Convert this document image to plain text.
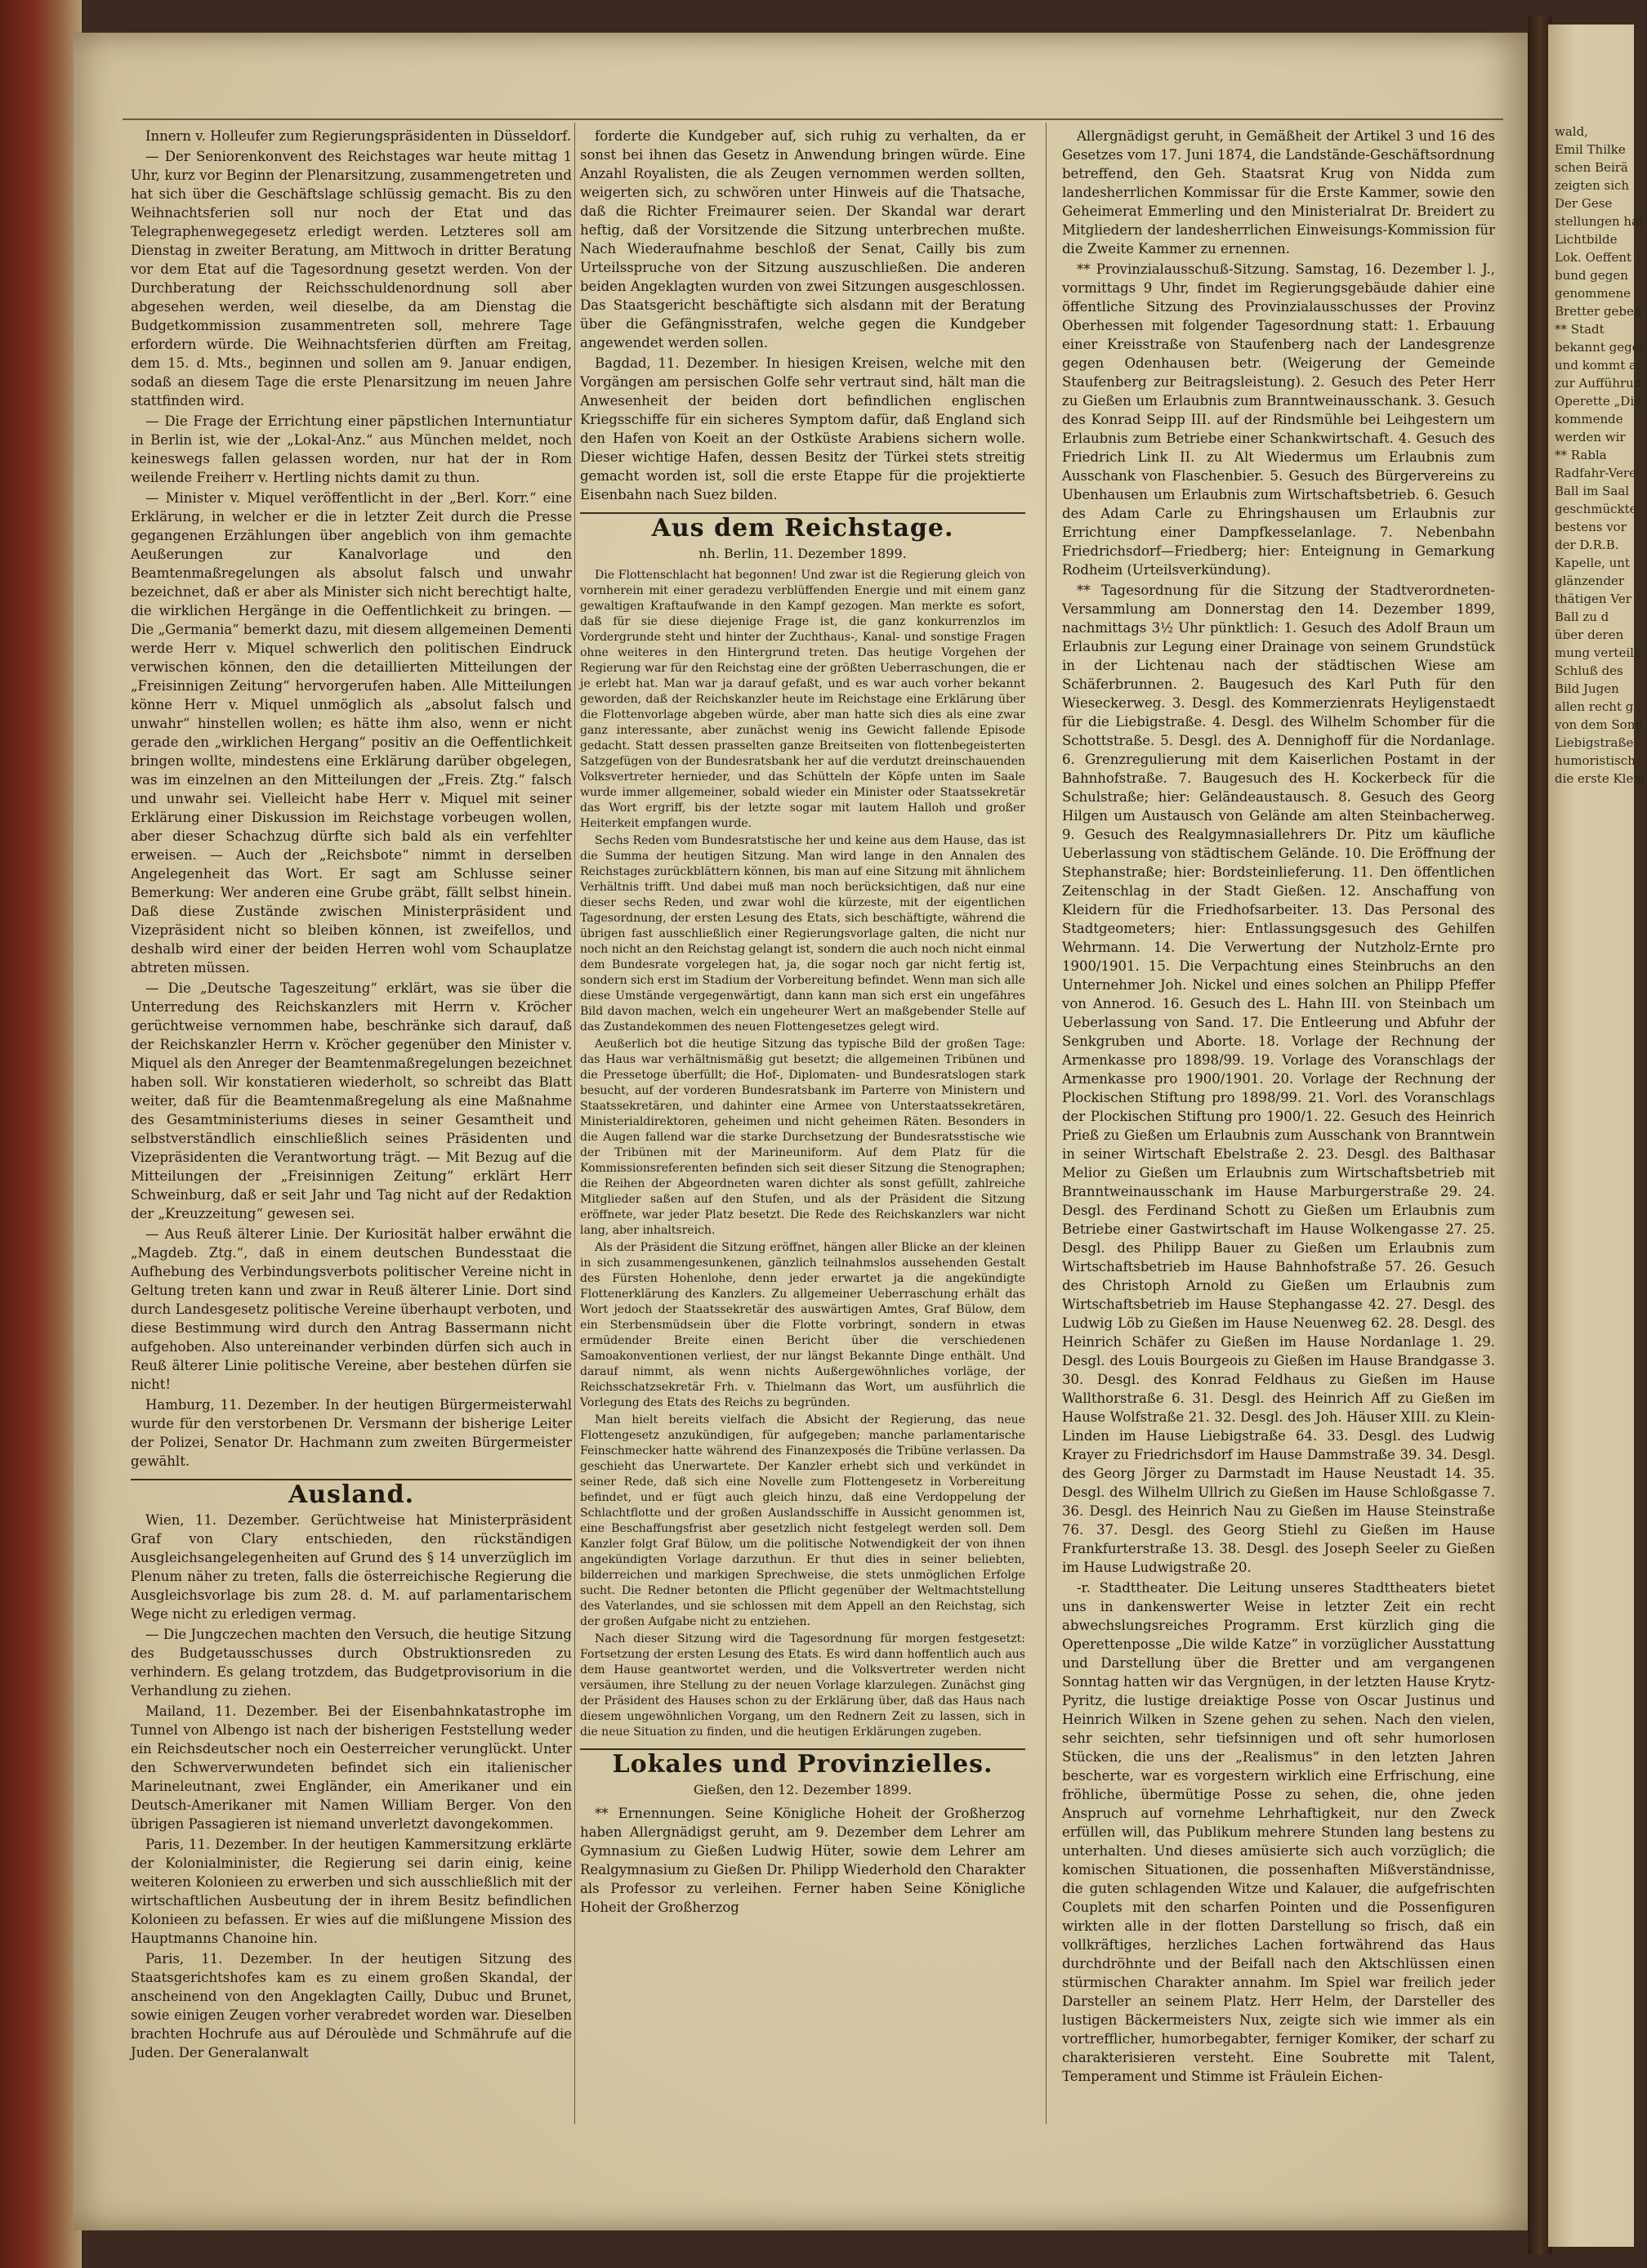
wald,
Emil Thilke
schen Beirä
zeigten sich
Der Gese
stellungen hat
Lichtbilde
Lok. Oeffent
bund gegen
genommene
Bretter geben
** Stadt
bekannt gegeb
und kommt al
zur Aufführun
Operette „Die
kommende
werden wir
** Rabla
Radfahr-Vere
Ball im Saal
geschmückte
bestens vor
der D.R.B.
Kapelle, unt
glänzender
thätigen Ver
Ball zu d
über deren
mung verteilt
Schluß des
Bild Jugen
allen recht g
von dem Sonn
Liebigstraße
humoristisch
die erste Klein

Innern v. Holleufer zum Regierungspräsidenten in Düsseldorf.

— Der Seniorenkonvent des Reichstages war heute mittag 1 Uhr, kurz vor Beginn der Plenarsitzung, zusammengetreten und hat sich über die Geschäftslage schlüssig gemacht. Bis zu den Weihnachtsferien soll nur noch der Etat und das Telegraphenwegegesetz erledigt werden. Letzteres soll am Dienstag in zweiter Beratung, am Mittwoch in dritter Beratung vor dem Etat auf die Tagesordnung gesetzt werden. Von der Durchberatung der Reichsschuldenordnung soll aber abgesehen werden, weil dieselbe, da am Dienstag die Budgetkommission zusammentreten soll, mehrere Tage erfordern würde. Die Weihnachtsferien dürften am Freitag, dem 15. d. Mts., beginnen und sollen am 9. Januar endigen, sodaß an diesem Tage die erste Plenarsitzung im neuen Jahre stattfinden wird.

— Die Frage der Errichtung einer päpstlichen Internuntiatur in Berlin ist, wie der „Lokal-Anz.“ aus München meldet, noch keineswegs fallen gelassen worden, nur hat der in Rom weilende Freiherr v. Hertling nichts damit zu thun.

— Minister v. Miquel veröffentlicht in der „Berl. Korr.“ eine Erklärung, in welcher er die in letzter Zeit durch die Presse gegangenen Erzählungen über angeblich von ihm gemachte Aeußerungen zur Kanalvorlage und den Beamtenmaßregelungen als absolut falsch und unwahr bezeichnet, daß er aber als Minister sich nicht berechtigt halte, die wirklichen Hergänge in die Oeffentlichkeit zu bringen. — Die „Germania“ bemerkt dazu, mit diesem allgemeinen Dementi werde Herr v. Miquel schwerlich den politischen Eindruck verwischen können, den die detaillierten Mitteilungen der „Freisinnigen Zeitung“ hervorgerufen haben. Alle Mitteilungen könne Herr v. Miquel unmöglich als „absolut falsch und unwahr“ hinstellen wollen; es hätte ihm also, wenn er nicht gerade den „wirklichen Hergang“ positiv an die Oeffentlichkeit bringen wollte, mindestens eine Erklärung darüber obgelegen, was im einzelnen an den Mitteilungen der „Freis. Ztg.“ falsch und unwahr sei. Vielleicht habe Herr v. Miquel mit seiner Erklärung einer Diskussion im Reichstage vorbeugen wollen, aber dieser Schachzug dürfte sich bald als ein verfehlter erweisen. — Auch der „Reichsbote“ nimmt in derselben Angelegenheit das Wort. Er sagt am Schlusse seiner Bemerkung: Wer anderen eine Grube gräbt, fällt selbst hinein. Daß diese Zustände zwischen Ministerpräsident und Vizepräsident nicht so bleiben können, ist zweifellos, und deshalb wird einer der beiden Herren wohl vom Schauplatze abtreten müssen.

— Die „Deutsche Tageszeitung“ erklärt, was sie über die Unterredung des Reichskanzlers mit Herrn v. Kröcher gerüchtweise vernommen habe, beschränke sich darauf, daß der Reichskanzler Herrn v. Kröcher gegenüber den Minister v. Miquel als den Anreger der Beamtenmaßregelungen bezeichnet haben soll. Wir konstatieren wiederholt, so schreibt das Blatt weiter, daß für die Beamtenmaßregelung als eine Maßnahme des Gesamtministeriums dieses in seiner Gesamtheit und selbstverständlich einschließlich seines Präsidenten und Vizepräsidenten die Verantwortung trägt. — Mit Bezug auf die Mitteilungen der „Freisinnigen Zeitung“ erklärt Herr Schweinburg, daß er seit Jahr und Tag nicht auf der Redaktion der „Kreuzzeitung“ gewesen sei.

— Aus Reuß älterer Linie. Der Kuriosität halber erwähnt die „Magdeb. Ztg.“, daß in einem deutschen Bundesstaat die Aufhebung des Verbindungsverbots politischer Vereine nicht in Geltung treten kann und zwar in Reuß älterer Linie. Dort sind durch Landesgesetz politische Vereine überhaupt verboten, und diese Bestimmung wird durch den Antrag Bassermann nicht aufgehoben. Also untereinander verbinden dürfen sich auch in Reuß älterer Linie politische Vereine, aber bestehen dürfen sie nicht!

Hamburg, 11. Dezember. In der heutigen Bürgermeisterwahl wurde für den verstorbenen Dr. Versmann der bisherige Leiter der Polizei, Senator Dr. Hachmann zum zweiten Bürgermeister gewählt.

Ausland.

Wien, 11. Dezember. Gerüchtweise hat Ministerpräsident Graf von Clary entschieden, den rückständigen Ausgleichsangelegenheiten auf Grund des § 14 unverzüglich im Plenum näher zu treten, falls die österreichische Regierung die Ausgleichsvorlage bis zum 28. d. M. auf parlamentarischem Wege nicht zu erledigen vermag.

— Die Jungczechen machten den Versuch, die heutige Sitzung des Budgetausschusses durch Obstruktionsreden zu verhindern. Es gelang trotzdem, das Budgetprovisorium in die Verhandlung zu ziehen.

Mailand, 11. Dezember. Bei der Eisenbahnkatastrophe im Tunnel von Albengo ist nach der bisherigen Feststellung weder ein Reichsdeutscher noch ein Oesterreicher verunglückt. Unter den Schwerverwundeten befindet sich ein italienischer Marineleutnant, zwei Engländer, ein Amerikaner und ein Deutsch-Amerikaner mit Namen William Berger. Von den übrigen Passagieren ist niemand unverletzt davongekommen.

Paris, 11. Dezember. In der heutigen Kammersitzung erklärte der Kolonialminister, die Regierung sei darin einig, keine weiteren Kolonieen zu erwerben und sich ausschließlich mit der wirtschaftlichen Ausbeutung der in ihrem Besitz befindlichen Kolonieen zu befassen. Er wies auf die mißlungene Mission des Hauptmanns Chanoine hin.

Paris, 11. Dezember. In der heutigen Sitzung des Staatsgerichtshofes kam es zu einem großen Skandal, der anscheinend von den Angeklagten Cailly, Dubuc und Brunet, sowie einigen Zeugen vorher verabredet worden war. Dieselben brachten Hochrufe aus auf Déroulède und Schmährufe auf die Juden. Der Generalanwalt

forderte die Kundgeber auf, sich ruhig zu verhalten, da er sonst bei ihnen das Gesetz in Anwendung bringen würde. Eine Anzahl Royalisten, die als Zeugen vernommen werden sollten, weigerten sich, zu schwören unter Hinweis auf die Thatsache, daß die Richter Freimaurer seien. Der Skandal war derart heftig, daß der Vorsitzende die Sitzung unterbrechen mußte. Nach Wiederaufnahme beschloß der Senat, Cailly bis zum Urteilsspruche von der Sitzung auszuschließen. Die anderen beiden Angeklagten wurden von zwei Sitzungen ausgeschlossen. Das Staatsgericht beschäftigte sich alsdann mit der Beratung über die Gefängnisstrafen, welche gegen die Kundgeber angewendet werden sollen.

Bagdad, 11. Dezember. In hiesigen Kreisen, welche mit den Vorgängen am persischen Golfe sehr vertraut sind, hält man die Anwesenheit der beiden dort befindlichen englischen Kriegsschiffe für ein sicheres Symptom dafür, daß England sich den Hafen von Koeit an der Ostküste Arabiens sichern wolle. Dieser wichtige Hafen, dessen Besitz der Türkei stets streitig gemacht worden ist, soll die erste Etappe für die projektierte Eisenbahn nach Suez bilden.

Aus dem Reichstage.
nh. Berlin, 11. Dezember 1899.

Die Flottenschlacht hat begonnen! Und zwar ist die Regierung gleich von vornherein mit einer geradezu verblüffenden Energie und mit einem ganz gewaltigen Kraftaufwande in den Kampf gezogen. Man merkte es sofort, daß für sie diese diejenige Frage ist, die ganz konkurrenzlos im Vordergrunde steht und hinter der Zuchthaus-, Kanal- und sonstige Fragen ohne weiteres in den Hintergrund treten. Das heutige Vorgehen der Regierung war für den Reichstag eine der größten Ueberraschungen, die er je erlebt hat. Man war ja darauf gefaßt, und es war auch vorher bekannt geworden, daß der Reichskanzler heute im Reichstage eine Erklärung über die Flottenvorlage abgeben würde, aber man hatte sich dies als eine zwar ganz interessante, aber zunächst wenig ins Gewicht fallende Episode gedacht. Statt dessen prasselten ganze Breitseiten von flottenbegeisterten Satzgefügen von der Bundesratsbank her auf die verdutzt dreinschauenden Volksvertreter hernieder, und das Schütteln der Köpfe unten im Saale wurde immer allgemeiner, sobald wieder ein Minister oder Staatssekretär das Wort ergriff, bis der letzte sogar mit lautem Halloh und großer Heiterkeit empfangen wurde.

Sechs Reden vom Bundesratstische her und keine aus dem Hause, das ist die Summa der heutigen Sitzung. Man wird lange in den Annalen des Reichstages zurückblättern können, bis man auf eine Sitzung mit ähnlichem Verhältnis trifft. Und dabei muß man noch berücksichtigen, daß nur eine dieser sechs Reden, und zwar wohl die kürzeste, mit der eigentlichen Tagesordnung, der ersten Lesung des Etats, sich beschäftigte, während die übrigen fast ausschließlich einer Regierungsvorlage galten, die nicht nur noch nicht an den Reichstag gelangt ist, sondern die auch noch nicht einmal dem Bundesrate vorgelegen hat, ja, die sogar noch gar nicht fertig ist, sondern sich erst im Stadium der Vorbereitung befindet. Wenn man sich alle diese Umstände vergegenwärtigt, dann kann man sich erst ein ungefähres Bild davon machen, welch ein ungeheurer Wert an maßgebender Stelle auf das Zustandekommen des neuen Flottengesetzes gelegt wird.

Aeußerlich bot die heutige Sitzung das typische Bild der großen Tage: das Haus war verhältnismäßig gut besetzt; die allgemeinen Tribünen und die Pressetoge überfüllt; die Hof-, Diplomaten- und Bundesratslogen stark besucht, auf der vorderen Bundesratsbank im Parterre von Ministern und Staatssekretären, und dahinter eine Armee von Unterstaatssekretären, Ministerialdirektoren, geheimen und nicht geheimen Räten. Besonders in die Augen fallend war die starke Durchsetzung der Bundesratsstische wie der Tribünen mit der Marineuniform. Auf dem Platz für die Kommissionsreferenten befinden sich seit dieser Sitzung die Stenographen; die Reihen der Abgeordneten waren dichter als sonst gefüllt, zahlreiche Mitglieder saßen auf den Stufen, und als der Präsident die Sitzung eröffnete, war jeder Platz besetzt. Die Rede des Reichskanzlers war nicht lang, aber inhaltsreich.

Als der Präsident die Sitzung eröffnet, hängen aller Blicke an der kleinen in sich zusammengesunkenen, gänzlich teilnahmslos aussehenden Gestalt des Fürsten Hohenlohe, denn jeder erwartet ja die angekündigte Flottenerklärung des Kanzlers. Zu allgemeiner Ueberraschung erhält das Wort jedoch der Staatssekretär des auswärtigen Amtes, Graf Bülow, dem ein Sterbensmüdsein über die Flotte vorbringt, sondern in etwas ermüdender Breite einen Bericht über die verschiedenen Samoakonventionen verliest, der nur längst Bekannte Dinge enthält. Und darauf nimmt, als wenn nichts Außergewöhnliches vorläge, der Reichsschatzsekretär Frh. v. Thielmann das Wort, um ausführlich die Vorlegung des Etats des Reichs zu begründen.

Man hielt bereits vielfach die Absicht der Regierung, das neue Flottengesetz anzukündigen, für aufgegeben; manche parlamentarische Feinschmecker hatte während des Finanzexposés die Tribüne verlassen. Da geschieht das Unerwartete. Der Kanzler erhebt sich und verkündet in seiner Rede, daß sich eine Novelle zum Flottengesetz in Vorbereitung befindet, und er fügt auch gleich hinzu, daß eine Verdoppelung der Schlachtflotte und der großen Auslandsschiffe in Aussicht genommen ist, eine Beschaffungsfrist aber gesetzlich nicht festgelegt werden soll. Dem Kanzler folgt Graf Bülow, um die politische Notwendigkeit der von ihnen angekündigten Vorlage darzuthun. Er thut dies in seiner beliebten, bilderreichen und markigen Sprechweise, die stets unmöglichen Erfolge sucht. Die Redner betonten die Pflicht gegenüber der Weltmachtstellung des Vaterlandes, und sie schlossen mit dem Appell an den Reichstag, sich der großen Aufgabe nicht zu entziehen.

Nach dieser Sitzung wird die Tagesordnung für morgen festgesetzt: Fortsetzung der ersten Lesung des Etats. Es wird dann hoffentlich auch aus dem Hause geantwortet werden, und die Volksvertreter werden nicht versäumen, ihre Stellung zu der neuen Vorlage klarzulegen. Zunächst ging der Präsident des Hauses schon zu der Erklärung über, daß das Haus nach diesem ungewöhnlichen Vorgang, um den Rednern Zeit zu lassen, sich in die neue Situation zu finden, und die heutigen Erklärungen zugeben.

Lokales und Provinzielles.
Gießen, den 12. Dezember 1899.

** Ernennungen. Seine Königliche Hoheit der Großherzog haben Allergnädigst geruht, am 9. Dezember dem Lehrer am Gymnasium zu Gießen Ludwig Hüter, sowie dem Lehrer am Realgymnasium zu Gießen Dr. Philipp Wiederhold den Charakter als Professor zu verleihen. Ferner haben Seine Königliche Hoheit der Großherzog

Allergnädigst geruht, in Gemäßheit der Artikel 3 und 16 des Gesetzes vom 17. Juni 1874, die Landstände-Geschäftsordnung betreffend, den Geh. Staatsrat Krug von Nidda zum landesherrlichen Kommissar für die Erste Kammer, sowie den Geheimerat Emmerling und den Ministerialrat Dr. Breidert zu Mitgliedern der landesherrlichen Einweisungs-Kommission für die Zweite Kammer zu ernennen.

** Provinzialausschuß-Sitzung. Samstag, 16. Dezember l. J., vormittags 9 Uhr, findet im Regierungsgebäude dahier eine öffentliche Sitzung des Provinzialausschusses der Provinz Oberhessen mit folgender Tagesordnung statt: 1. Erbauung einer Kreisstraße von Staufenberg nach der Landesgrenze gegen Odenhausen betr. (Weigerung der Gemeinde Staufenberg zur Beitragsleistung). 2. Gesuch des Peter Herr zu Gießen um Erlaubnis zum Branntweinausschank. 3. Gesuch des Konrad Seipp III. auf der Rindsmühle bei Leihgestern um Erlaubnis zum Betriebe einer Schankwirtschaft. 4. Gesuch des Friedrich Link II. zu Alt Wiedermus um Erlaubnis zum Ausschank von Flaschenbier. 5. Gesuch des Bürgervereins zu Ubenhausen um Erlaubnis zum Wirtschaftsbetrieb. 6. Gesuch des Adam Carle zu Ehringshausen um Erlaubnis zur Errichtung einer Dampfkesselanlage. 7. Nebenbahn Friedrichsdorf—Friedberg; hier: Enteignung in Gemarkung Rodheim (Urteilsverkündung).

** Tagesordnung für die Sitzung der Stadtverordneten-Versammlung am Donnerstag den 14. Dezember 1899, nachmittags 3½ Uhr pünktlich: 1. Gesuch des Adolf Braun um Erlaubnis zur Legung einer Drainage von seinem Grundstück in der Lichtenau nach der städtischen Wiese am Schäferbrunnen. 2. Baugesuch des Karl Puth für den Wieseckerweg. 3. Desgl. des Kommerzienrats Heyligenstaedt für die Liebigstraße. 4. Desgl. des Wilhelm Schomber für die Schottstraße. 5. Desgl. des A. Dennighoff für die Nordanlage. 6. Grenzregulierung mit dem Kaiserlichen Postamt in der Bahnhofstraße. 7. Baugesuch des H. Kockerbeck für die Schulstraße; hier: Geländeaustausch. 8. Gesuch des Georg Hilgen um Austausch von Gelände am alten Steinbacherweg. 9. Gesuch des Realgymnasiallehrers Dr. Pitz um käufliche Ueberlassung von städtischem Gelände. 10. Die Eröffnung der Stephanstraße; hier: Bordsteinlieferung. 11. Den öffentlichen Zeitenschlag in der Stadt Gießen. 12. Anschaffung von Kleidern für die Friedhofsarbeiter. 13. Das Personal des Stadtgeometers; hier: Entlassungsgesuch des Gehilfen Wehrmann. 14. Die Verwertung der Nutzholz-Ernte pro 1900/1901. 15. Die Verpachtung eines Steinbruchs an den Unternehmer Joh. Nickel und eines solchen an Philipp Pfeffer von Annerod. 16. Gesuch des L. Hahn III. von Steinbach um Ueberlassung von Sand. 17. Die Entleerung und Abfuhr der Senkgruben und Aborte. 18. Vorlage der Rechnung der Armenkasse pro 1898/99. 19. Vorlage des Voranschlags der Armenkasse pro 1900/1901. 20. Vorlage der Rechnung der Plockischen Stiftung pro 1898/99. 21. Vorl. des Voranschlags der Plockischen Stiftung pro 1900/1. 22. Gesuch des Heinrich Prieß zu Gießen um Erlaubnis zum Ausschank von Branntwein in seiner Wirtschaft Ebelstraße 2. 23. Desgl. des Balthasar Melior zu Gießen um Erlaubnis zum Wirtschaftsbetrieb mit Branntweinausschank im Hause Marburgerstraße 29. 24. Desgl. des Ferdinand Schott zu Gießen um Erlaubnis zum Betriebe einer Gastwirtschaft im Hause Wolkengasse 27. 25. Desgl. des Philipp Bauer zu Gießen um Erlaubnis zum Wirtschaftsbetrieb im Hause Bahnhofstraße 57. 26. Gesuch des Christoph Arnold zu Gießen um Erlaubnis zum Wirtschaftsbetrieb im Hause Stephangasse 42. 27. Desgl. des Ludwig Löb zu Gießen im Hause Neuenweg 62. 28. Desgl. des Heinrich Schäfer zu Gießen im Hause Nordanlage 1. 29. Desgl. des Louis Bourgeois zu Gießen im Hause Brandgasse 3. 30. Desgl. des Konrad Feldhaus zu Gießen im Hause Wallthorstraße 6. 31. Desgl. des Heinrich Aff zu Gießen im Hause Wolfstraße 21. 32. Desgl. des Joh. Häuser XIII. zu Klein-Linden im Hause Liebigstraße 64. 33. Desgl. des Ludwig Krayer zu Friedrichsdorf im Hause Dammstraße 39. 34. Desgl. des Georg Jörger zu Darmstadt im Hause Neustadt 14. 35. Desgl. des Wilhelm Ullrich zu Gießen im Hause Schloßgasse 7. 36. Desgl. des Heinrich Nau zu Gießen im Hause Steinstraße 76. 37. Desgl. des Georg Stiehl zu Gießen im Hause Frankfurterstraße 13. 38. Desgl. des Joseph Seeler zu Gießen im Hause Ludwigstraße 20.

-r. Stadttheater. Die Leitung unseres Stadttheaters bietet uns in dankenswerter Weise in letzter Zeit ein recht abwechslungsreiches Programm. Erst kürzlich ging die Operettenposse „Die wilde Katze“ in vorzüglicher Ausstattung und Darstellung über die Bretter und am vergangenen Sonntag hatten wir das Vergnügen, in der letzten Hause Krytz-Pyritz, die lustige dreiaktige Posse von Oscar Justinus und Heinrich Wilken in Szene gehen zu sehen. Nach den vielen, sehr seichten, sehr tiefsinnigen und oft sehr humorlosen Stücken, die uns der „Realismus“ in den letzten Jahren bescherte, war es vorgestern wirklich eine Erfrischung, eine fröhliche, übermütige Posse zu sehen, die, ohne jeden Anspruch auf vornehme Lehrhaftigkeit, nur den Zweck erfüllen will, das Publikum mehrere Stunden lang bestens zu unterhalten. Und dieses amüsierte sich auch vorzüglich; die komischen Situationen, die possenhaften Mißverständnisse, die guten schlagenden Witze und Kalauer, die aufgefrischten Couplets mit den scharfen Pointen und die Possenfiguren wirkten alle in der flotten Darstellung so frisch, daß ein vollkräftiges, herzliches Lachen fortwährend das Haus durchdröhnte und der Beifall nach den Aktschlüssen einen stürmischen Charakter annahm. Im Spiel war freilich jeder Darsteller an seinem Platz. Herr Helm, der Darsteller des lustigen Bäckermeisters Nux, zeigte sich wie immer als ein vortrefflicher, humorbegabter, ferniger Komiker, der scharf zu charakterisieren versteht. Eine Soubrette mit Talent, Temperament und Stimme ist Fräulein Eichen-
